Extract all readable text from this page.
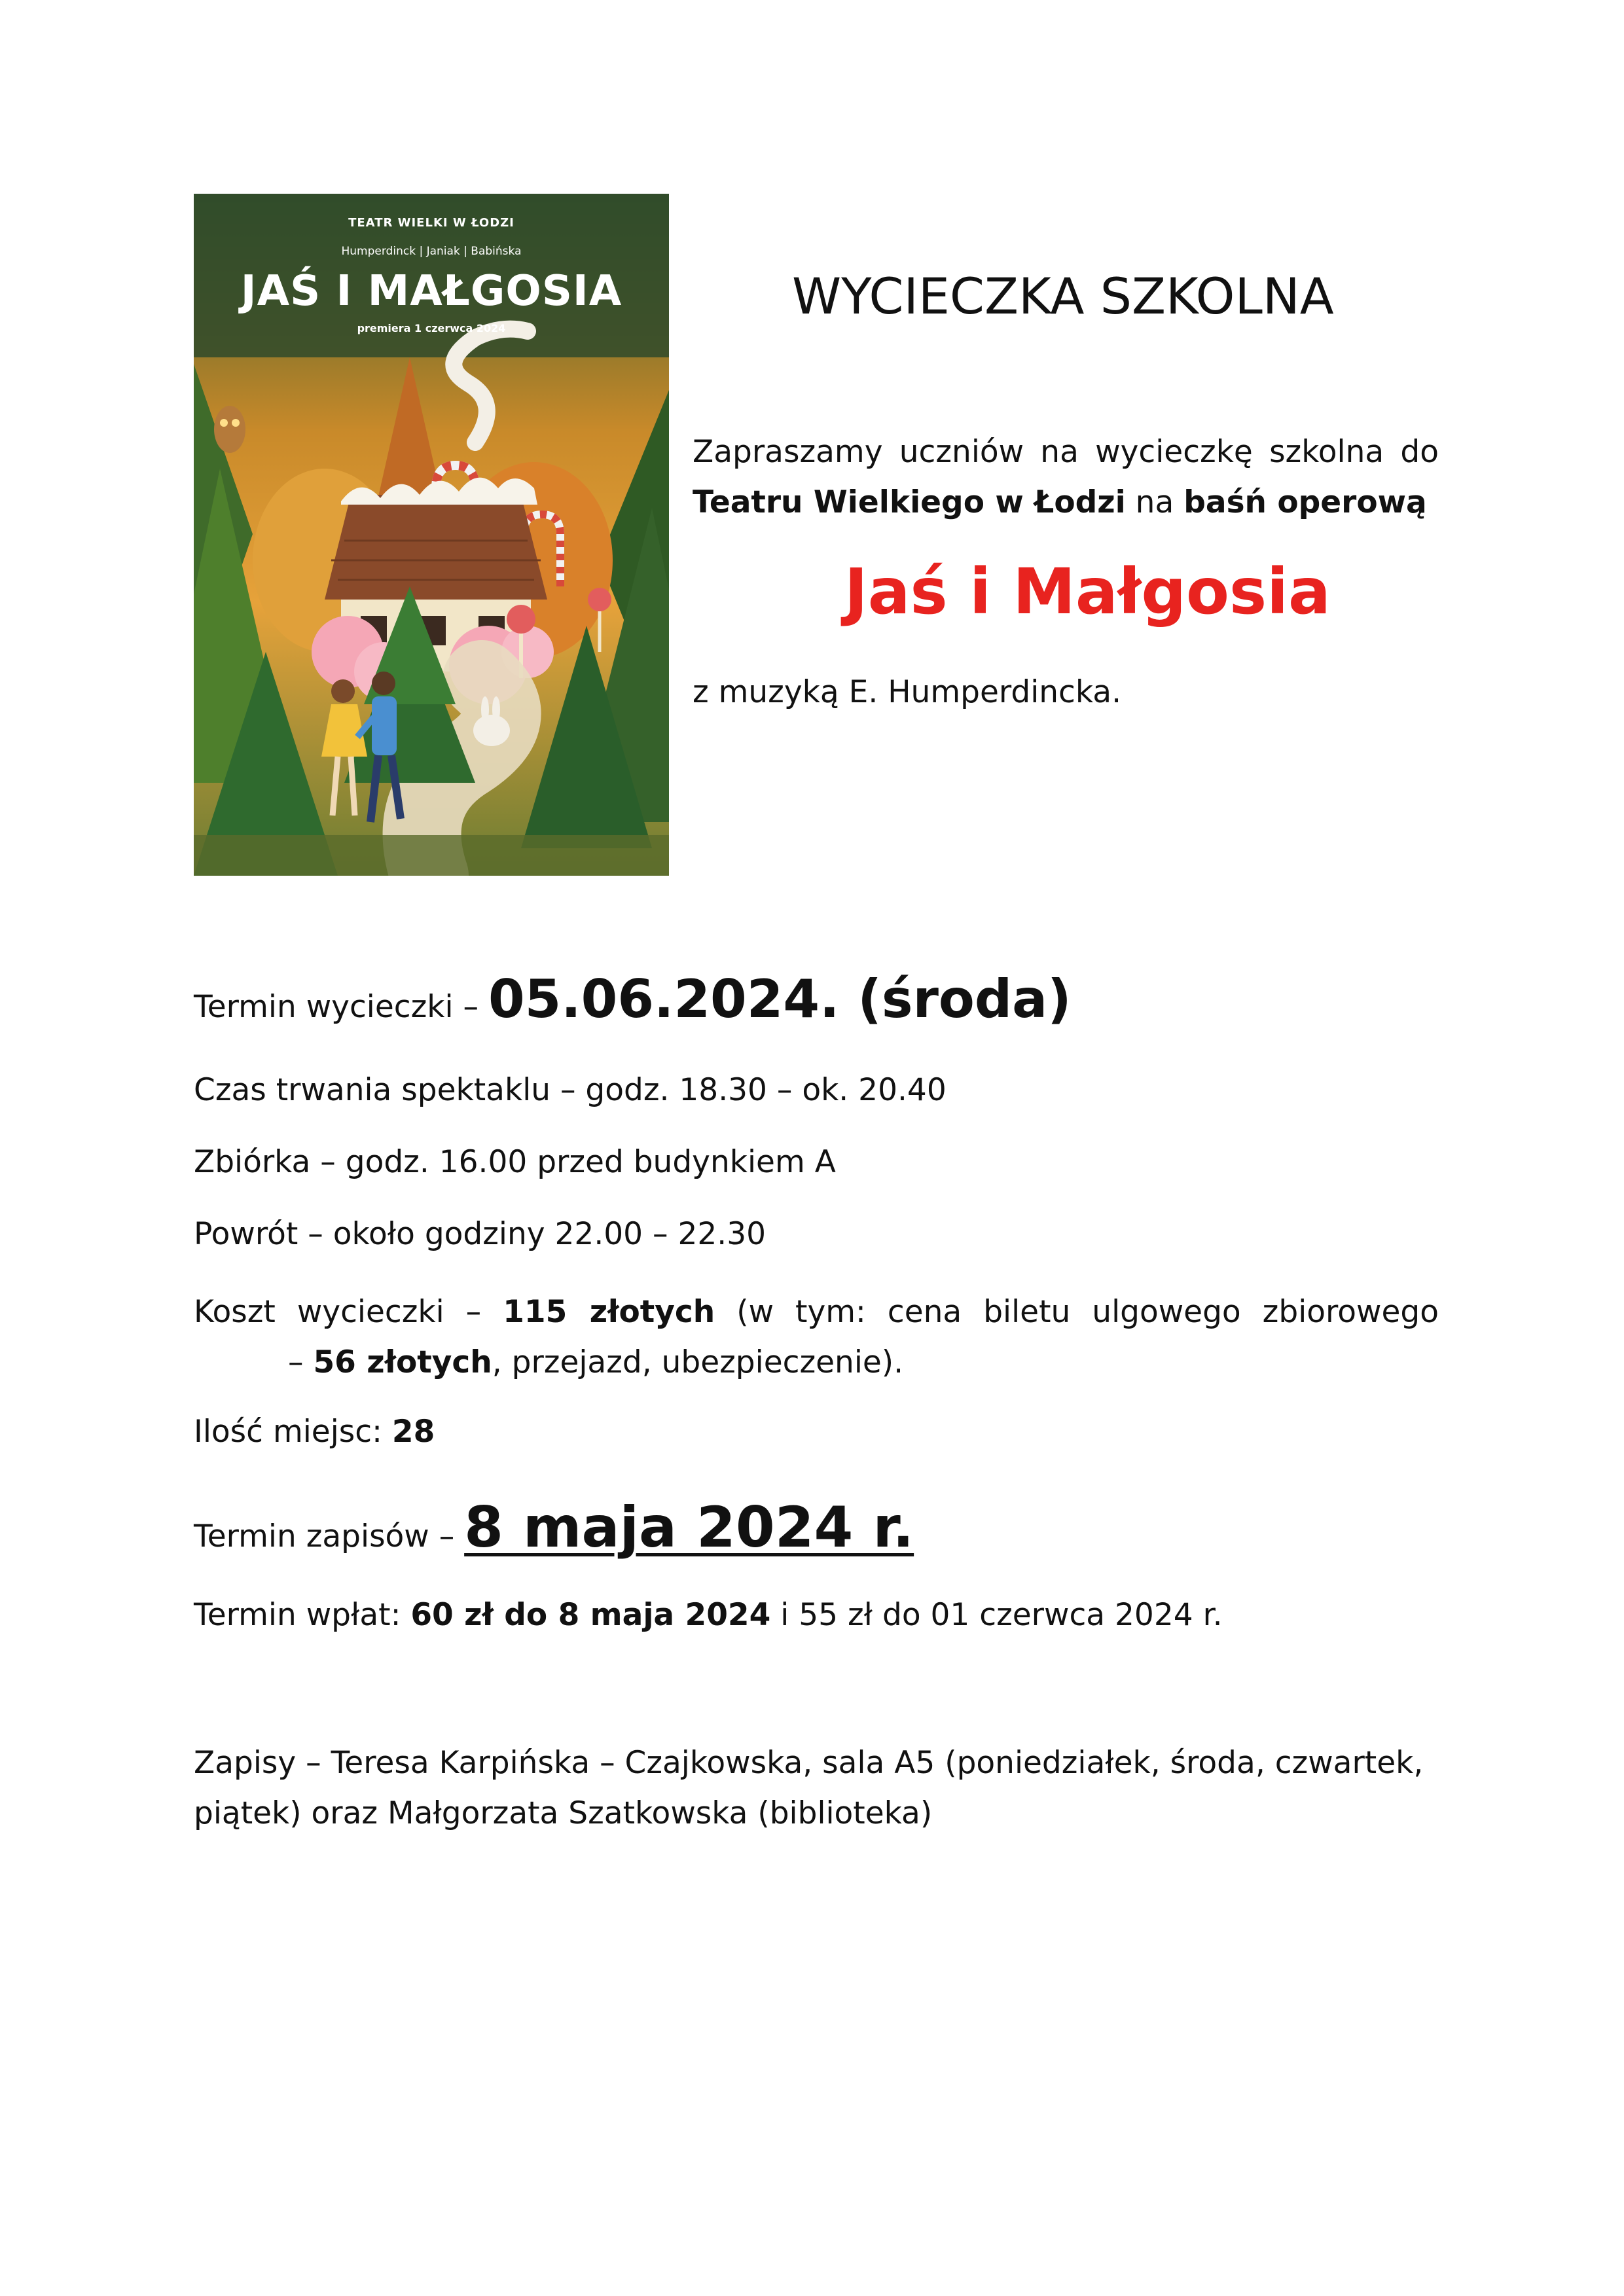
TEATR WIELKI W ŁODZI
Humperdinck | Janiak | Babińska
JAŚ I MAŁGOSIA
premiera 1 czerwca 2024
WYCIECZKA SZKOLNA
Zapraszamy uczniów na wycieczkę szkolna do Teatru Wielkiego w Łodzi na baśń operową
Jaś i Małgosia
z muzyką E. Humperdincka.
Termin wycieczki – 05.06.2024. (środa)
Czas trwania spektaklu – godz. 18.30 – ok. 20.40
Zbiórka – godz. 16.00 przed budynkiem A
Powrót – około godziny 22.00 – 22.30
Koszt wycieczki – 115 złotych (w tym: cena biletu ulgowego zbiorowego
– 56 złotych, przejazd, ubezpieczenie).
Ilość miejsc: 28
Termin zapisów – 8 maja 2024 r.
Termin wpłat: 60 zł do 8 maja 2024 i 55 zł do 01 czerwca 2024 r.
Zapisy – Teresa Karpińska – Czajkowska, sala A5 (poniedziałek, środa, czwartek, piątek) oraz Małgorzata Szatkowska (biblioteka)
